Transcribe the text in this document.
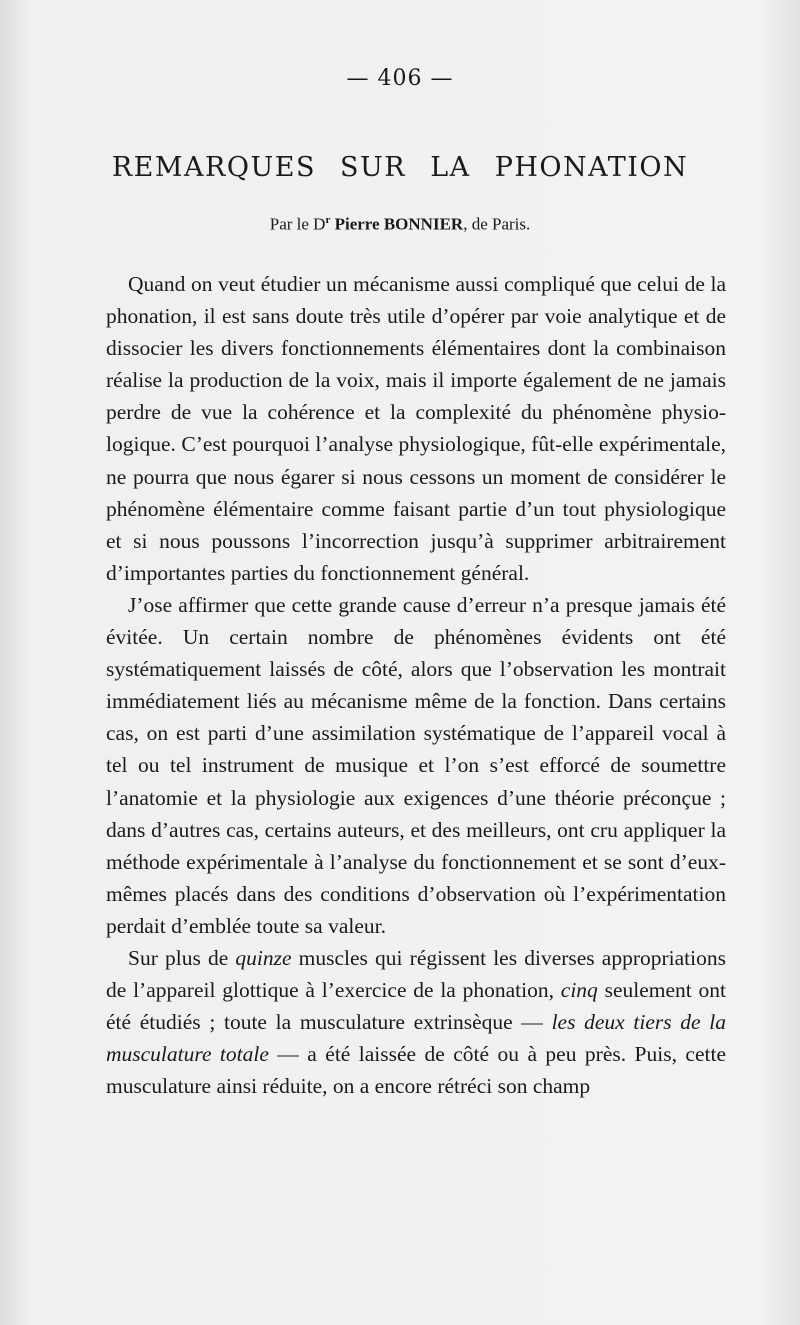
— 406 —
REMARQUES SUR LA PHONATION
Par le $D^r$ Pierre BONNIER, de Paris.

Quand on veut étudier un mécanisme aussi compliqué que celui de la phonation, il est sans doute très utile d’opérer par voie analytique et de dissocier les divers fonctionnements élémentaires dont la combinaison réalise la production de la voix, mais il importe également de ne jamais perdre de vue la cohérence et la complexité du phénomène physiologique. C’est pourquoi l’analyse physiologique, fût-elle expérimentale, ne pourra que nous égarer si nous cessons un moment de considérer le phénomène élémentaire comme faisant partie d’un tout physiologique et si nous poussons l’incorrection jusqu’à supprimer arbitrairement d’importantes parties du fonctionnement général.

J’ose affirmer que cette grande cause d’erreur n’a presque jamais été évitée. Un certain nombre de phénomènes évidents ont été systématiquement laissés de côté, alors que l’observation les montrait immédiatement liés au mécanisme même de la fonction. Dans certains cas, on est parti d’une assimilation systématique de l’appareil vocal à tel ou tel instrument de musique et l’on s’est efforcé de soumettre l’anatomie et la physiologie aux exigences d’une théorie préconçue ; dans d’autres cas, certains auteurs, et des meilleurs, ont cru appliquer la méthode expérimentale à l’analyse du fonctionnement et se sont d’eux-mêmes placés dans des conditions d’observation où l’expérimentation perdait d’emblée toute sa valeur.

Sur plus de quinze muscles qui régissent les diverses appropriations de l’appareil glottique à l’exercice de la phonation, cinq seulement ont été étudiés ; toute la musculature extrinsèque — les deux tiers de la musculature totale — a été laissée de côté ou à peu près. Puis, cette musculature ainsi réduite, on a encore rétréci son champ
